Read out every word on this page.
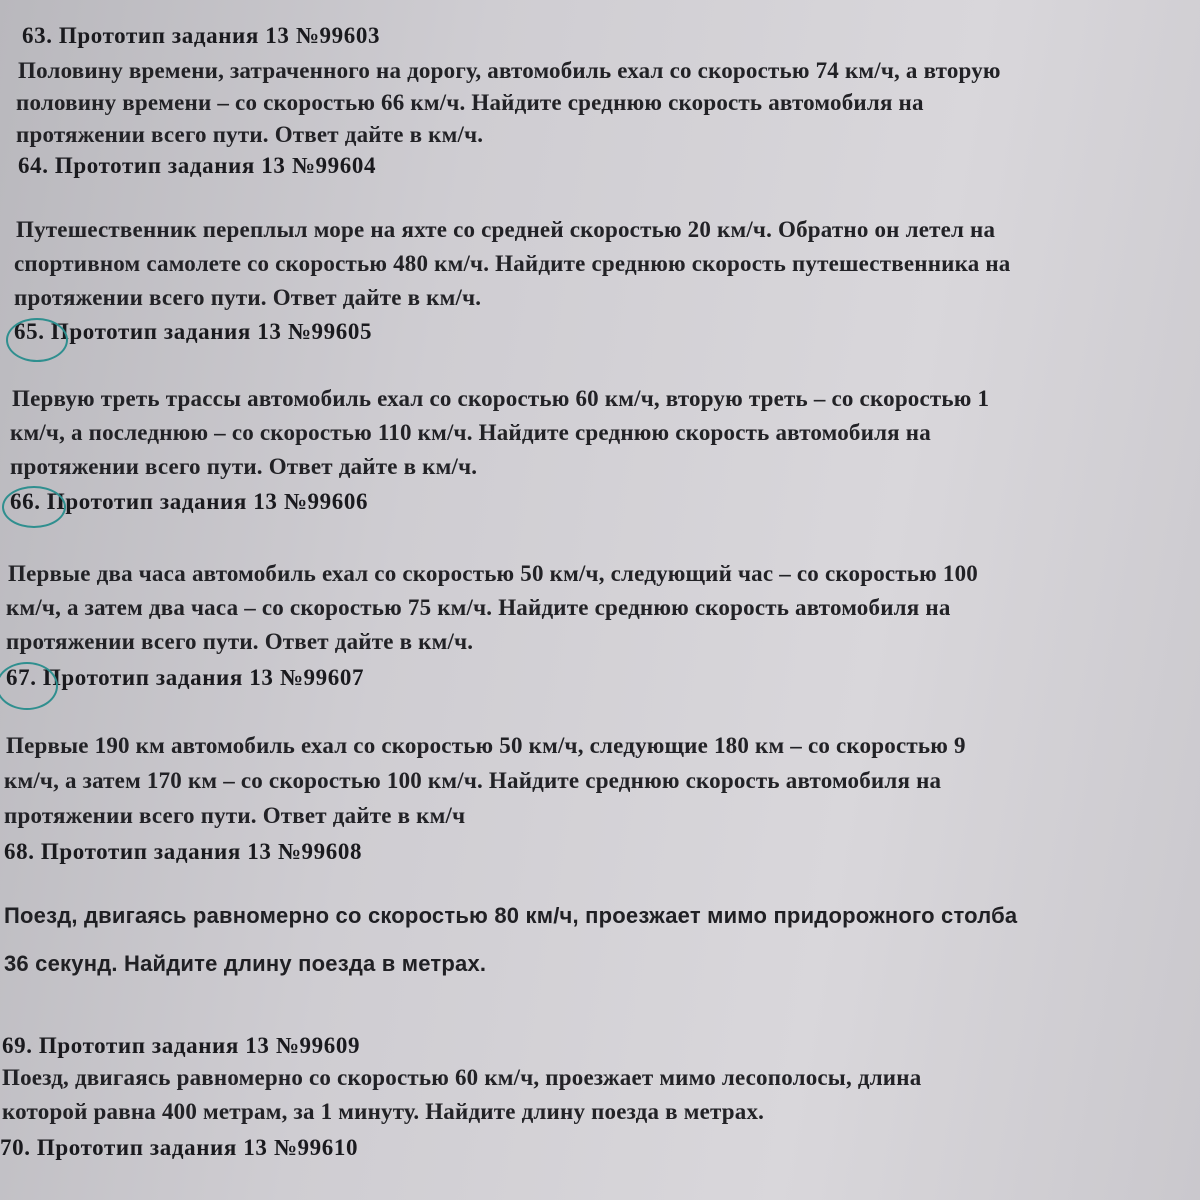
63. Прототип задания 13 №99603
Половину времени, затраченного на дорогу, автомобиль ехал со скоростью 74 км/ч, а вторую
половину времени – со скоростью 66 км/ч. Найдите среднюю скорость автомобиля на
протяжении всего пути. Ответ дайте в км/ч.
64. Прототип задания 13 №99604
Путешественник переплыл море на яхте со средней скоростью 20 км/ч. Обратно он летел на
спортивном самолете со скоростью 480 км/ч. Найдите среднюю скорость путешественника на
протяжении всего пути. Ответ дайте в км/ч.
65. Прототип задания 13 №99605
Первую треть трассы автомобиль ехал со скоростью 60 км/ч, вторую треть – со скоростью 1
км/ч, а последнюю – со скоростью 110 км/ч. Найдите среднюю скорость автомобиля на
протяжении всего пути. Ответ дайте в км/ч.
66. Прототип задания 13 №99606
Первые два часа автомобиль ехал со скоростью 50 км/ч, следующий час – со скоростью 100
км/ч, а затем два часа – со скоростью 75 км/ч. Найдите среднюю скорость автомобиля на
протяжении всего пути. Ответ дайте в км/ч.
67. Прототип задания 13 №99607
Первые 190 км автомобиль ехал со скоростью 50 км/ч, следующие 180 км – со скоростью 9
км/ч, а затем 170 км – со скоростью 100 км/ч. Найдите среднюю скорость автомобиля на
протяжении всего пути. Ответ дайте в км/ч
68. Прототип задания 13 №99608
Поезд, двигаясь равномерно со скоростью 80 км/ч, проезжает мимо придорожного столба
36 секунд. Найдите длину поезда в метрах.
69. Прототип задания 13 №99609
Поезд, двигаясь равномерно со скоростью 60 км/ч, проезжает мимо лесополосы, длина
которой равна 400 метрам, за 1 минуту. Найдите длину поезда в метрах.
70. Прототип задания 13 №99610
